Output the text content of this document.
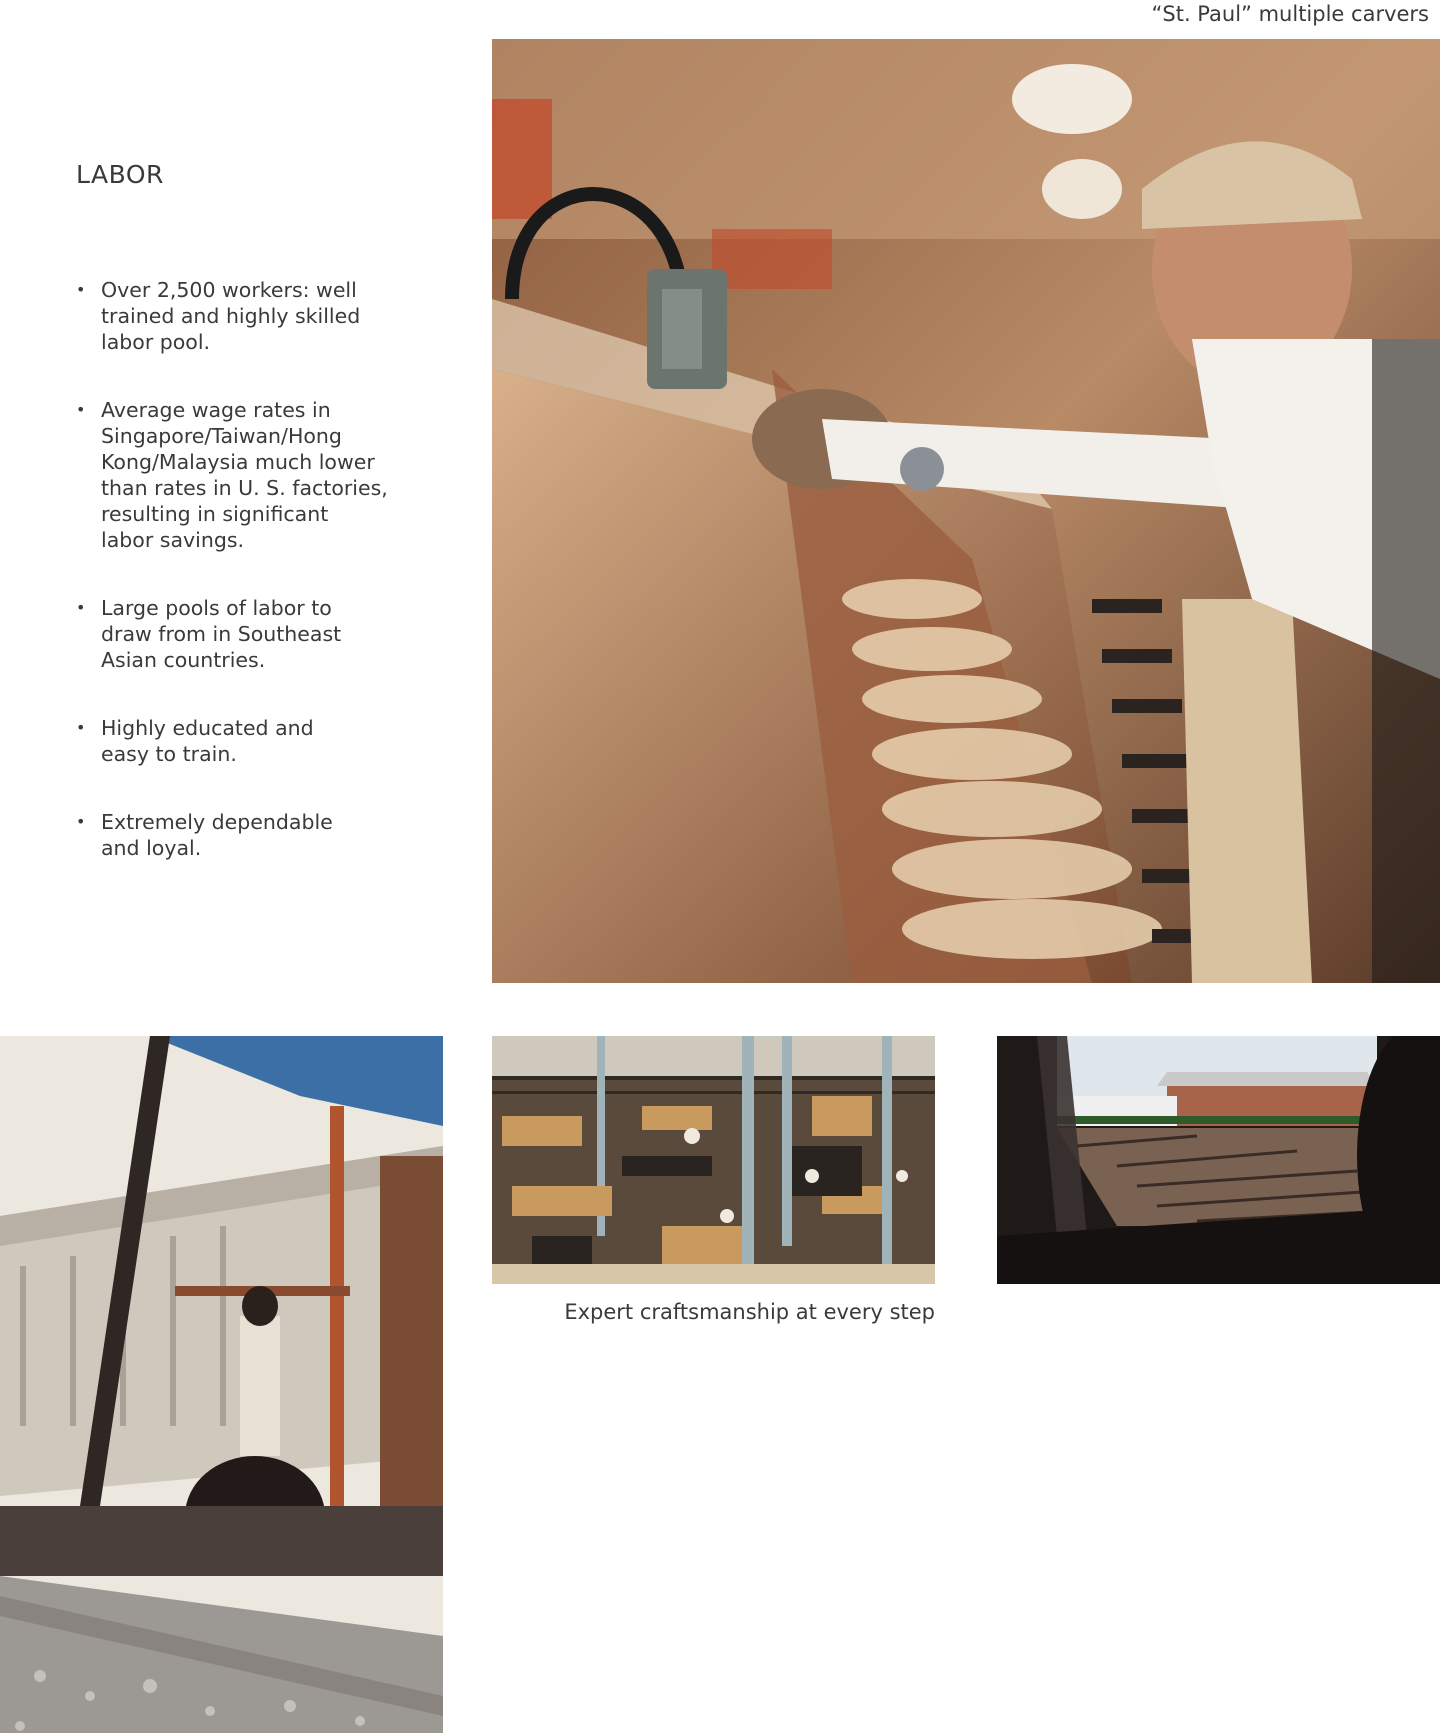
“St. Paul” multiple carvers
LABOR
• Over 2,500 workers: well
trained and highly skilled
labor pool.
• Average wage rates in
Singapore/Taiwan/Hong
Kong/Malaysia much lower
than rates in U. S. factories,
resulting in significant
labor savings.
• Large pools of labor to
draw from in Southeast
Asian countries.
• Highly educated and
easy to train.
• Extremely dependable
and loyal.
Expert craftsmanship at every step
